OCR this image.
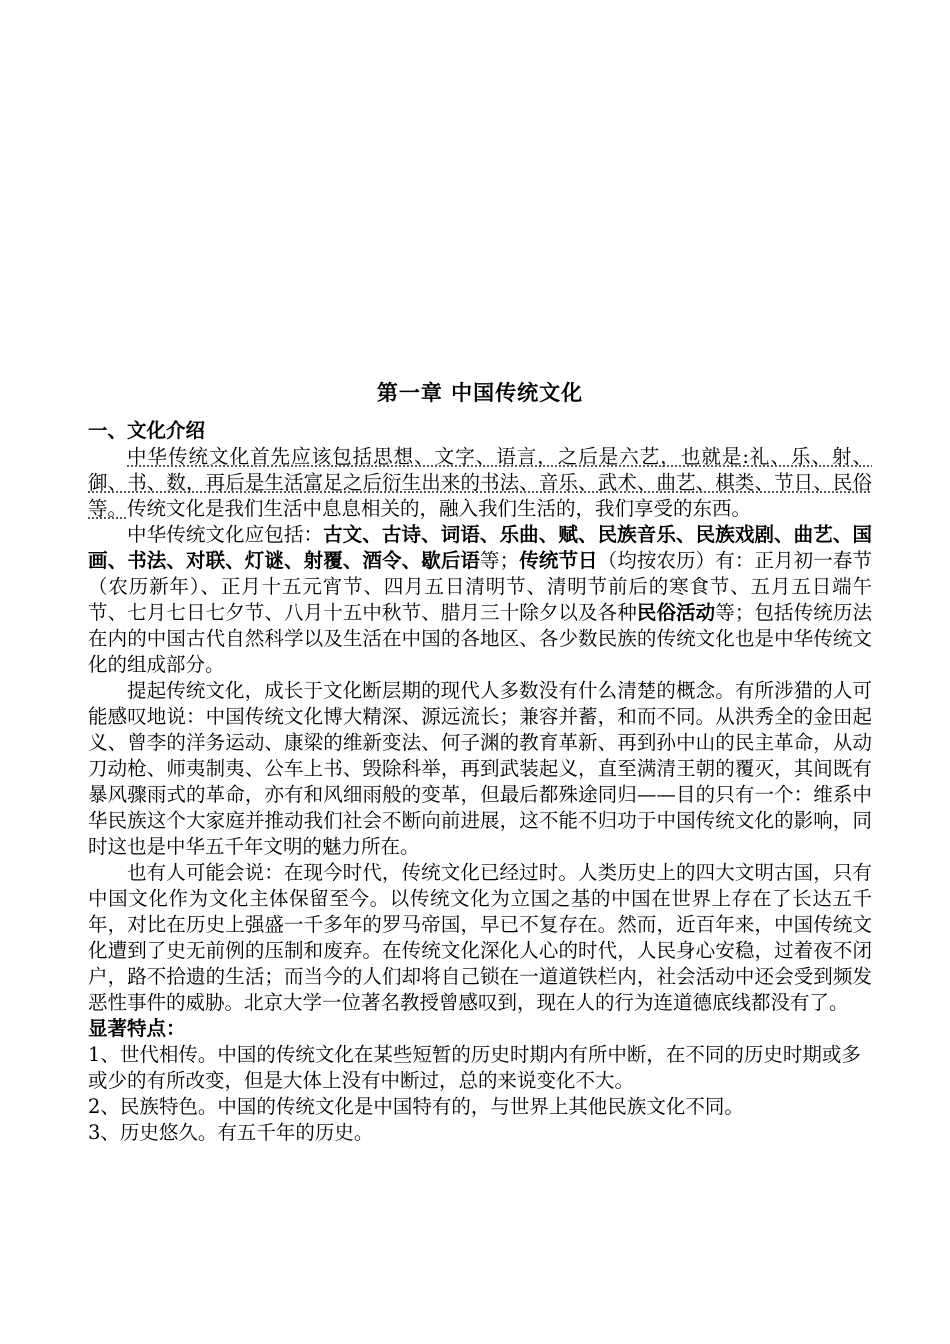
第一章 中国传统文化

一、文化介绍

中华传统文化首先应该包括思想、文字、语言，之后是六艺，也就是:礼、乐、射、御、书、数，再后是生活富足之后衍生出来的书法、音乐、武术、曲艺、棋类、节日、民俗等。传统文化是我们生活中息息相关的，融入我们生活的，我们享受的东西。

中华传统文化应包括：古文、古诗、词语、乐曲、赋、民族音乐、民族戏剧、曲艺、国画、书法、对联、灯谜、射覆、酒令、歇后语等；传统节日（均按农历）有：正月初一春节（农历新年）、正月十五元宵节、四月五日清明节、清明节前后的寒食节、五月五日端午节、七月七日七夕节、八月十五中秋节、腊月三十除夕以及各种民俗活动等；包括传统历法在内的中国古代自然科学以及生活在中国的各地区、各少数民族的传统文化也是中华传统文化的组成部分。

提起传统文化，成长于文化断层期的现代人多数没有什么清楚的概念。有所涉猎的人可能感叹地说：中国传统文化博大精深、源远流长；兼容并蓄，和而不同。从洪秀全的金田起义、曾李的洋务运动、康梁的维新变法、何子渊的教育革新、再到孙中山的民主革命，从动刀动枪、师夷制夷、公车上书、毁除科举，再到武装起义，直至满清王朝的覆灭，其间既有暴风骤雨式的革命，亦有和风细雨般的变革，但最后都殊途同归——目的只有一个：维系中华民族这个大家庭并推动我们社会不断向前进展，这不能不归功于中国传统文化的影响，同时这也是中华五千年文明的魅力所在。

也有人可能会说：在现今时代，传统文化已经过时。人类历史上的四大文明古国，只有中国文化作为文化主体保留至今。以传统文化为立国之基的中国在世界上存在了长达五千年，对比在历史上强盛一千多年的罗马帝国，早已不复存在。然而，近百年来，中国传统文化遭到了史无前例的压制和废弃。在传统文化深化人心的时代，人民身心安稳，过着夜不闭户，路不拾遗的生活；而当今的人们却将自己锁在一道道铁栏内，社会活动中还会受到频发恶性事件的威胁。北京大学一位著名教授曾感叹到，现在人的行为连道德底线都没有了。

显著特点：

1、世代相传。中国的传统文化在某些短暂的历史时期内有所中断，在不同的历史时期或多或少的有所改变，但是大体上没有中断过，总的来说变化不大。

2、民族特色。中国的传统文化是中国特有的，与世界上其他民族文化不同。

3、历史悠久。有五千年的历史。
